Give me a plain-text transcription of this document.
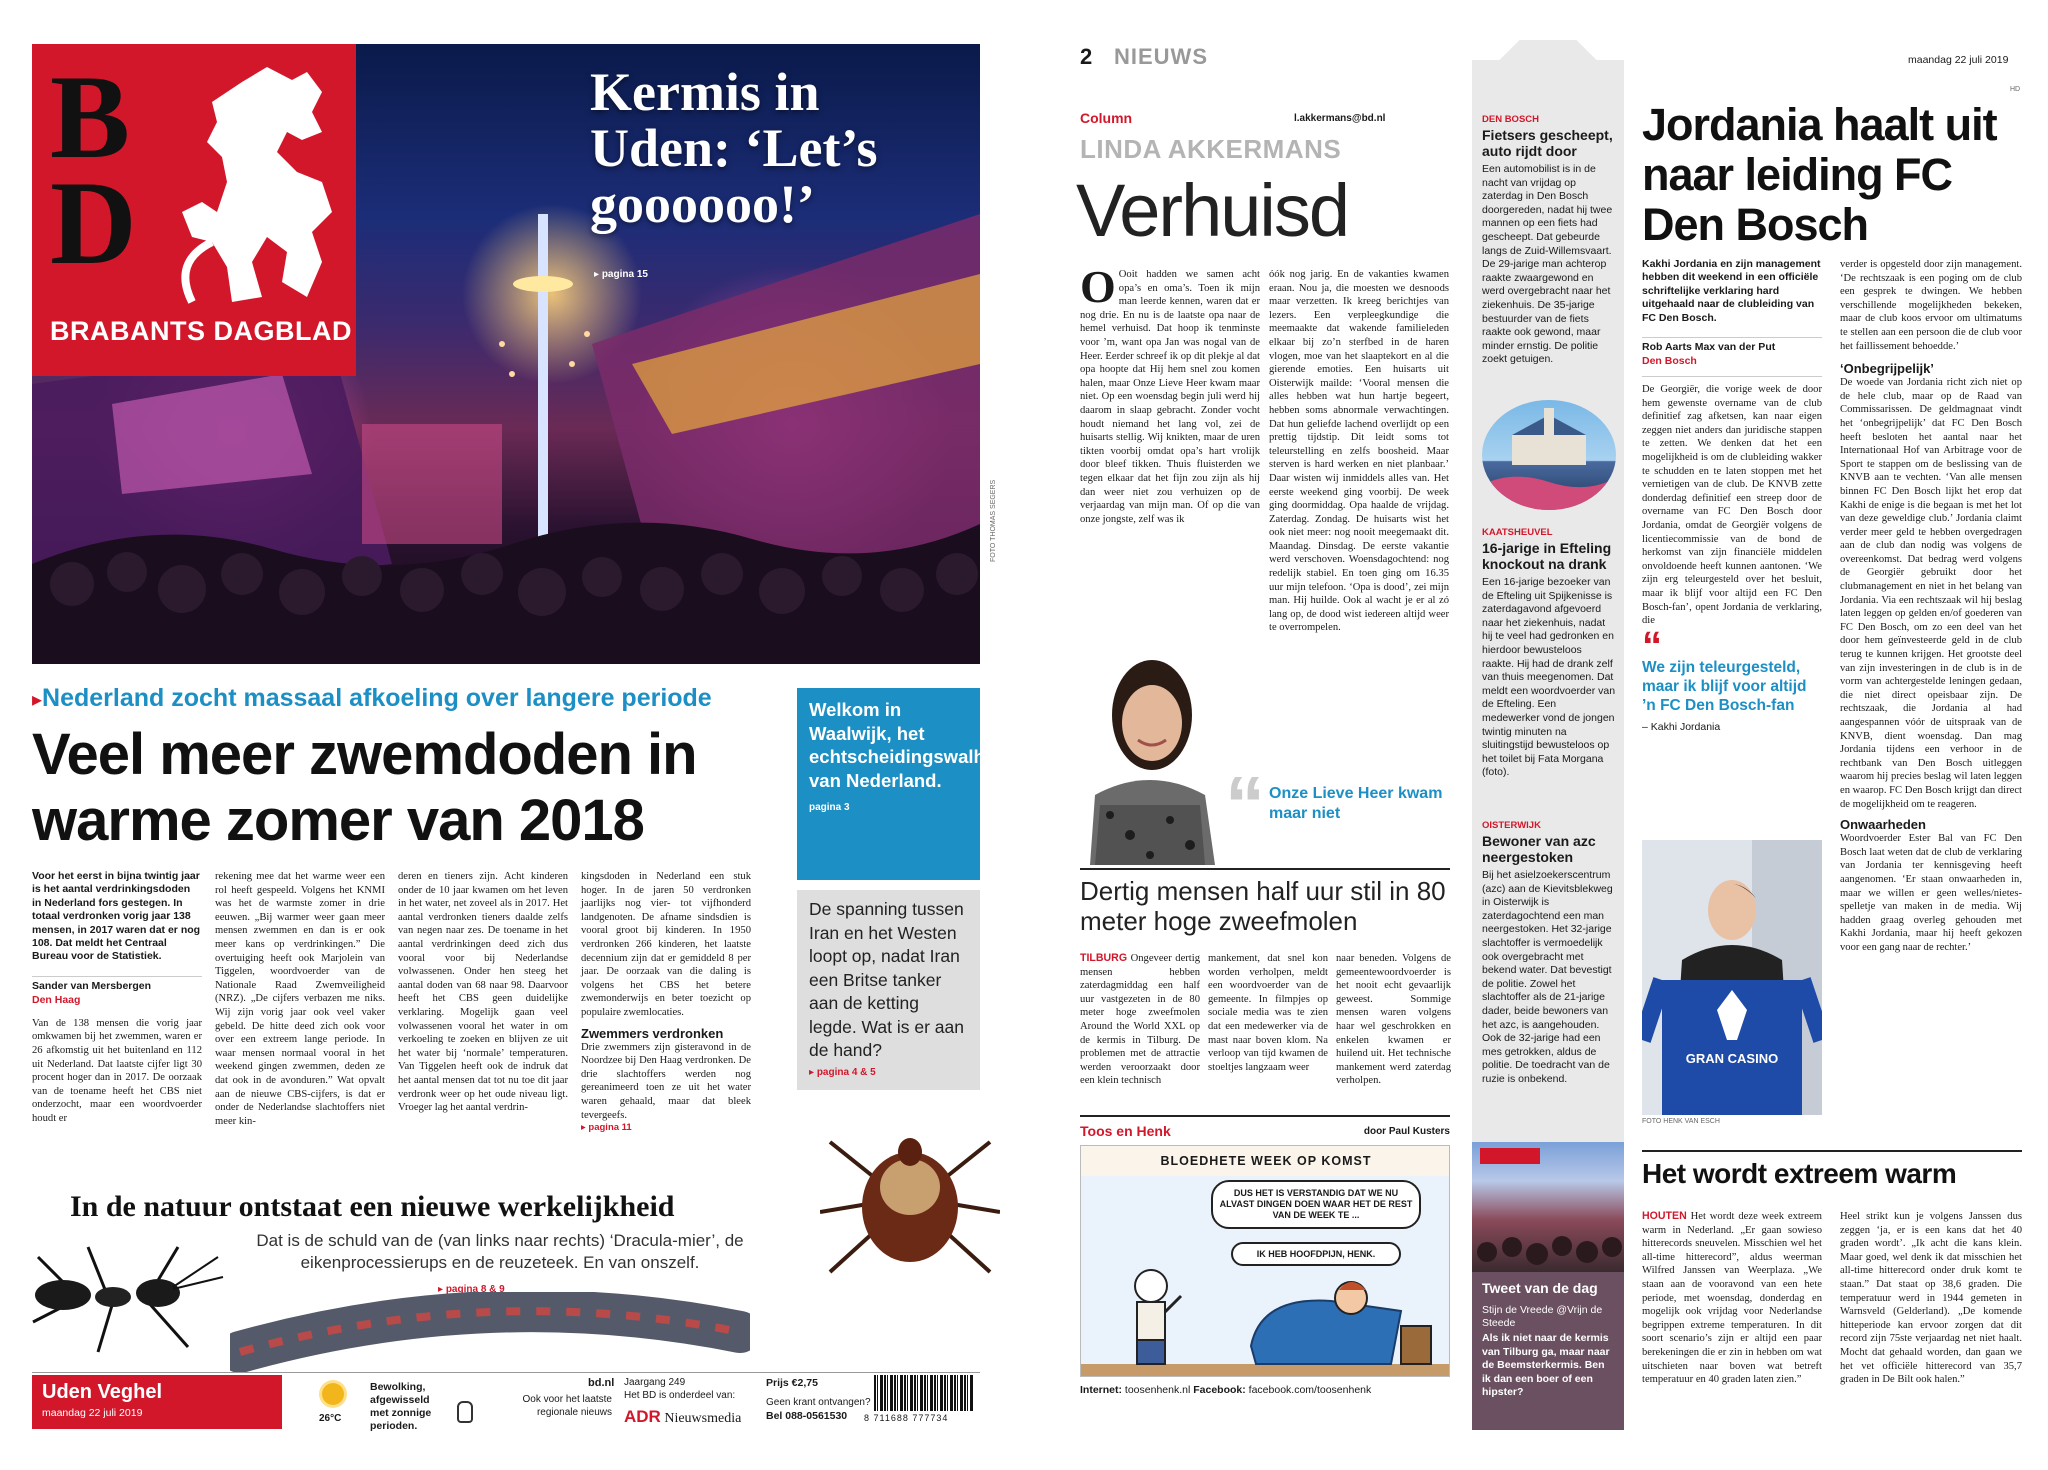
BD
BRABANTS DAGBLAD
Kermis in Uden: ‘Let’s goooooo!’
▸ pagina 15
FOTO THOMAS SEGERS
▸Nederland zocht massaal afkoeling over langere periode
Veel meer zwemdoden in warme zomer van 2018
Voor het eerst in bijna twintig jaar is het aantal verdrinkingsdoden in Nederland fors gestegen. In totaal verdronken vorig jaar 138 mensen, in 2017 waren dat er nog 108. Dat meldt het Centraal Bureau voor de Statistiek.
Sander van Mersbergen
Den Haag
Van de 138 mensen die vorig jaar omkwamen bij het zwemmen, waren er 26 afkomstig uit het buitenland en 112 uit Nederland. Dat laatste cijfer ligt 30 procent hoger dan in 2017. De oorzaak van de toename heeft het CBS niet onderzocht, maar een woordvoerder houdt er
rekening mee dat het warme weer een rol heeft gespeeld. Volgens het KNMI was het de warmste zomer in drie eeuwen. „Bij warmer weer gaan meer mensen zwemmen en dan is er ook meer kans op verdrinkingen.” Die overtuiging heeft ook Marjolein van Tiggelen, woordvoerder van de Nationale Raad Zwemveiligheid (NRZ). „De cijfers verbazen me niks. Wij zijn vorig jaar ook veel vaker gebeld. De hitte deed zich ook voor over een extreem lange periode. In waar mensen normaal vooral in het weekend gingen zwemmen, deden ze dat ook in de avonduren.” Wat opvalt aan de nieuwe CBS-cijfers, is dat er onder de Nederlandse slachtoffers niet meer kin-
deren en tieners zijn. Acht kinderen onder de 10 jaar kwamen om het leven in het water, net zoveel als in 2017. Het aantal verdronken tieners daalde zelfs van negen naar zes. De toename in het aantal verdrinkingen deed zich dus vooral voor bij Nederlandse volwassenen. Onder hen steeg het aantal doden van 68 naar 98. Daarvoor heeft het CBS geen duidelijke verklaring. Mogelijk gaan veel volwassenen vooral het water in om verkoeling te zoeken en blijven ze uit het water bij ‘normale’ temperaturen. Van Tiggelen heeft ook de indruk dat het aantal mensen dat tot nu toe dit jaar verdronk weer op het oude niveau ligt. Vroeger lag het aantal verdrin-
kingsdoden in Nederland een stuk hoger. In de jaren 50 verdronken jaarlijks nog vier- tot vijfhonderd landgenoten. De afname sindsdien is vooral groot bij kinderen. In 1950 verdronken 266 kinderen, het laatste decennium zijn dat er gemiddeld 8 per jaar. De oorzaak van die daling is volgens het CBS het betere zwemonderwijs en beter toezicht op populaire zwemlocaties.
Zwemmers verdronken
Drie zwemmers zijn gisteravond in de Noordzee bij Den Haag verdronken. De drie slachtoffers werden nog gereanimeerd toen ze uit het water waren gehaald, maar dat bleek tevergeefs.
▸ pagina 11
Welkom in Waalwijk, het echtscheidingswalhalla van Nederland. pagina 3
De spanning tussen Iran en het Westen loopt op, nadat Iran een Britse tanker aan de ketting legde. Wat is er aan de hand?
▸ pagina 4 & 5
In de natuur ontstaat een nieuwe werkelijkheid
Dat is de schuld van de (van links naar rechts) ‘Dracula-mier’, de eikenprocessierups en de reuzeteek. En van onszelf.
▸ pagina 8 & 9
Uden Veghel
maandag 22 juli 2019	26°C
Bewolking, afgewisseld met zonnige perioden.
bd.nl
Ook voor het laatste regionale nieuws
Jaargang 249
Het BD is onderdeel van:
ADR Nieuwsmedia
Prijs €2,75
Geen krant ontvangen?
Bel 088-0561530 8 711688 777734
2 NIEUWS	maandag 22 juli 2019
HD
Column	l.akkermans@bd.nl
LINDA AKKERMANS
Verhuisd
O Ooit hadden we samen acht opa’s en oma’s. Toen ik mijn man leerde kennen, waren dat er nog drie. En nu is de laatste opa naar de hemel verhuisd. Dat hoop ik tenminste voor ’m, want opa Jan was nogal van de Heer. Eerder schreef ik op dit plekje al dat opa hoopte dat Hij hem snel zou komen halen, maar Onze Lieve Heer kwam maar niet. Op een woensdag begin juli werd hij daarom in slaap gebracht. Zonder vocht houdt niemand het lang vol, zei de huisarts stellig. Wij knikten, maar de uren tikten voorbij omdat opa’s hart vrolijk door bleef tikken. Thuis fluisterden we tegen elkaar dat het fijn zou zijn als hij dan weer niet zou verhuizen op de verjaardag van mijn man. Of op die van onze jongste, zelf was ik
óók nog jarig. En de vakanties kwamen eraan. Nou ja, die moesten we desnoods maar verzetten. Ik kreeg berichtjes van lezers. Een verpleegkundige die meemaakte dat wakende familieleden elkaar bij zo’n sterfbed in de haren vlogen, moe van het slaaptekort en al die gierende emoties. Een huisarts uit Oisterwijk mailde: ‘Vooral mensen die alles hebben wat hun hartje begeert, hebben soms abnormale verwachtingen. Dat hun geliefde lachend overlijdt op een prettig tijdstip. Dit leidt soms tot teleurstelling en zelfs boosheid. Maar sterven is hard werken en niet planbaar.’ Daar wisten wij inmiddels alles van. Het eerste weekend ging voorbij. De week ging doormiddag. Opa haalde de vrijdag. Zaterdag. Zondag. De huisarts wist het ook niet meer: nog nooit meegemaakt dit. Maandag. Dinsdag. De eerste vakantie werd verschoven. Woensdagochtend: nog redelijk stabiel. En toen ging om 16.35 uur mijn telefoon. ‘Opa is dood’, zei mijn man. Hij huilde. Ook al wacht je er al zó lang op, de dood wist iedereen altijd weer te overrompelen.
“ Onze Lieve Heer kwam maar niet
Dertig mensen half uur stil in 80 meter hoge zweefmolen
TILBURG Ongeveer dertig mensen hebben zaterdagmiddag een half uur vastgezeten in de 80 meter hoge zweefmolen Around the World XXL op de kermis in Tilburg. De problemen met de attractie werden veroorzaakt door een klein technisch
mankement, dat snel kon worden verholpen, meldt een woordvoerder van de gemeente. In filmpjes op sociale media was te zien dat een medewerker via de mast naar boven klom. Na verloop van tijd kwamen de stoeltjes langzaam weer
naar beneden. Volgens de gemeentewoordvoerder is het nooit echt gevaarlijk geweest. Sommige mensen waren volgens haar wel geschrokken en enkelen kwamen er huilend uit. Het technische mankement werd zaterdag verholpen.
Toos en Henk	door Paul Kusters
BLOEDHETE WEEK OP KOMST
DUS HET IS VERSTANDIG DAT WE NU ALVAST DINGEN DOEN WAAR HET DE REST VAN DE WEEK TE ...
IK HEB HOOFDPIJN, HENK.
Internet: toosenhenk.nl Facebook: facebook.com/toosenhenk
DEN BOSCH
Fietsers gescheept, auto rijdt door
Een automobilist is in de nacht van vrijdag op zaterdag in Den Bosch doorgereden, nadat hij twee mannen op een fiets had gescheept. Dat gebeurde langs de Zuid-Willemsvaart. De 29-jarige man achterop raakte zwaargewond en werd overgebracht naar het ziekenhuis. De 35-jarige bestuurder van de fiets raakte ook gewond, maar minder ernstig. De politie zoekt getuigen.
KAATSHEUVEL
16-jarige in Efteling knockout na drank
Een 16-jarige bezoeker van de Efteling uit Spijkenisse is zaterdagavond afgevoerd naar het ziekenhuis, nadat hij te veel had gedronken en hierdoor bewusteloos raakte. Hij had de drank zelf van thuis meegenomen. Dat meldt een woordvoerder van de Efteling. Een medewerker vond de jongen twintig minuten na sluitingstijd bewusteloos op het toilet bij Fata Morgana (foto).
OISTERWIJK
Bewoner van azc neergestoken
Bij het asielzoekerscentrum (azc) aan de Kievitsblekweg in Oisterwijk is zaterdagochtend een man neergestoken. Het 32-jarige slachtoffer is vermoedelijk ook overgebracht met bekend water. Dat bevestigt de politie. Zowel het slachtoffer als de 21-jarige dader, beide bewoners van het azc, is aangehouden. Ook de 32-jarige had een mes getrokken, aldus de politie. De toedracht van de ruzie is onbekend.
Tweet van de dag
Stijn de Vreede @Vrijn de Steede
Als ik niet naar de kermis van Tilburg ga, maar naar de Beemsterkermis. Ben ik dan een boer of een hipster?
Jordania haalt uit naar leiding FC Den Bosch
Kakhi Jordania en zijn management hebben dit weekend in een officiële schriftelijke verklaring hard uitgehaald naar de clubleiding van FC Den Bosch.
Rob Aarts Max van der Put
Den Bosch
De Georgiër, die vorige week de door hem gewenste overname van de club definitief zag afketsen, kan naar eigen zeggen niet anders dan juridische stappen te zetten. We denken dat het een mogelijkheid is om de clubleiding wakker te schudden en te laten stoppen met het vernietigen van de club. De KNVB zette donderdag definitief een streep door de overname van FC Den Bosch door Jordania, omdat de Georgiër volgens de licentiecommissie van de bond de herkomst van zijn financiële middelen onvoldoende heeft kunnen aantonen. ‘We zijn erg teleurgesteld over het besluit, maar ik blijf voor altijd een FC Den Bosch-fan’, opent Jordania de verklaring, die
“
We zijn teleurgesteld, maar ik blijf voor altijd ’n FC Den Bosch-fan
– Kakhi Jordania
GRAN CASINO
FOTO HENK VAN ESCH
verder is opgesteld door zijn management. ‘De rechtszaak is een poging om de club een gesprek te dwingen. We hebben verschillende mogelijkheden bekeken, maar de club koos ervoor om ultimatums te stellen aan een persoon die de club voor het faillissement behoedde.’
‘Onbegrijpelijk’
De woede van Jordania richt zich niet op de hele club, maar op de Raad van Commissarissen. De geldmagnaat vindt het ‘onbegrijpelijk’ dat FC Den Bosch heeft besloten het aantal naar het Internationaal Hof van Arbitrage voor de Sport te stappen om de beslissing van de KNVB aan te vechten. ‘Van alle mensen binnen FC Den Bosch lijkt het erop dat Kakhi de enige is die begaan is met het lot van deze geweldige club.’ Jordania claimt verder meer geld te hebben overgedragen aan de club dan nodig was volgens de overeenkomst. Dat bedrag werd volgens de Georgiër gebruikt door het clubmanagement en niet in het belang van Jordania. Via een rechtszaak wil hij beslag laten leggen op gelden en/of goederen van FC Den Bosch, om zo een deel van het door hem geïnvesteerde geld in de club terug te kunnen krijgen. Het grootste deel van zijn investeringen in de club is in de vorm van achtergestelde leningen gedaan, die niet direct opeisbaar zijn. De rechtszaak, die Jordania al had aangespannen vóór de uitspraak van de KNVB, dient woensdag. Dan mag Jordania tijdens een verhoor in de rechtbank van Den Bosch uitleggen waarom hij precies beslag wil laten leggen en waarop. FC Den Bosch krijgt dan direct de mogelijkheid om te reageren.
Onwaarheden
Woordvoerder Ester Bal van FC Den Bosch laat weten dat de club de verklaring van Jordania ter kennisgeving heeft aangenomen. ‘Er staan onwaarheden in, maar we willen er geen welles/nietes-spelletje van maken in de media. Wij hadden graag overleg gehouden met Kakhi Jordania, maar hij heeft gekozen voor een gang naar de rechter.’
Het wordt extreem warm
HOUTEN Het wordt deze week extreem warm in Nederland. „Er gaan sowieso hitterecords sneuvelen. Misschien wel het all-time hitterecord”, aldus weerman Wilfred Janssen van Weerplaza. „We staan aan de vooravond van een hete periode, met woensdag, donderdag en mogelijk ook vrijdag voor Nederlandse begrippen extreme temperaturen. In dit soort scenario’s zijn er altijd een paar berekeningen die er zin in hebben om wat uitschieten naar boven wat betreft temperatuur en 40 graden laten zien.”
Heel strikt kun je volgens Janssen dus zeggen ‘ja, er is een kans dat het 40 graden wordt’. „Ik acht die kans klein. Maar goed, wel denk ik dat misschien het all-time hitterecord onder druk komt te staan.” Dat staat op 38,6 graden. Die temperatuur werd in 1944 gemeten in Warnsveld (Gelderland). „De komende hitteperiode kan ervoor zorgen dat dit record zijn 75ste verjaardag net niet haalt. Mocht dat gehaald worden, dan gaan we het vet officiële hitterecord van 35,7 graden in De Bilt ook halen.”
